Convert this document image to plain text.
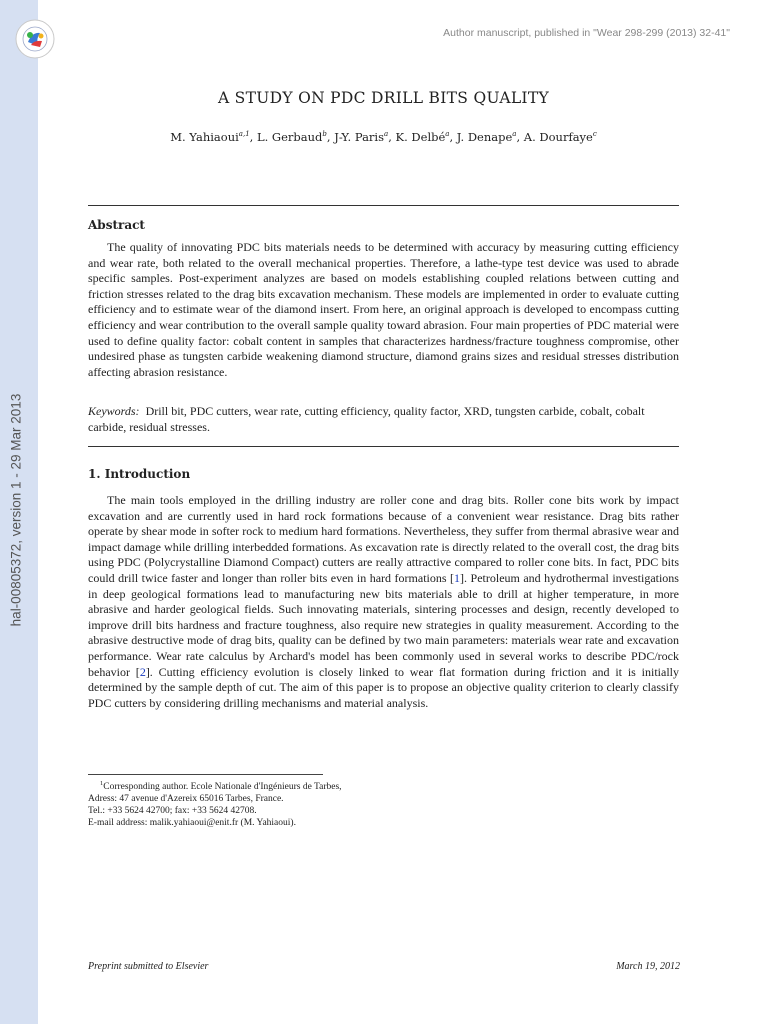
hal-00805372, version 1 - 29 Mar 2013
Author manuscript, published in "Wear 298-299 (2013) 32-41"
A STUDY ON PDC DRILL BITS QUALITY
M. Yahiaoui$^{a,1}$, L. Gerbaud$^b$, J-Y. Paris$^a$, K. Delbé$^a$, J. Denape$^a$, A. Dourfaye$^c$
Abstract

The quality of innovating PDC bits materials needs to be determined with accuracy by measuring cutting efficiency and wear rate, both related to the overall mechanical properties. Therefore, a lathe-type test device was used to abrade specific samples. Post-experiment analyzes are based on models establishing coupled relations between cutting and friction stresses related to the drag bits excavation mechanism. These models are implemented in order to evaluate cutting efficiency and to estimate wear of the diamond insert. From here, an original approach is developed to encompass cutting efficiency and wear contribution to the overall sample quality toward abrasion. Four main properties of PDC material were used to define quality factor: cobalt content in samples that characterizes hardness/fracture toughness compromise, other undesired phase as tungsten carbide weakening diamond structure, diamond grains sizes and residual stresses distribution affecting abrasion resistance.

Keywords: Drill bit, PDC cutters, wear rate, cutting efficiency, quality factor, XRD, tungsten carbide, cobalt, cobalt carbide, residual stresses.
1. Introduction

The main tools employed in the drilling industry are roller cone and drag bits. Roller cone bits work by impact excavation and are currently used in hard rock formations because of a convenient wear resistance. Drag bits rather operate by shear mode in softer rock to medium hard formations. Nevertheless, they suffer from thermal abrasive wear and impact damage while drilling interbedded formations. As excavation rate is directly related to the overall cost, the drag bits using PDC (Polycrystalline Diamond Compact) cutters are really attractive compared to roller cone bits. In fact, PDC bits could drill twice faster and longer than roller bits even in hard formations [1]. Petroleum and hydrothermal investigations in deep geological formations lead to manufacturing new bits materials able to drill at higher temperature, in more abrasive and harder geological fields. Such innovating materials, sintering processes and design, recently developed to improve drill bits hardness and fracture toughness, also require new strategies in quality measurement. According to the abrasive destructive mode of drag bits, quality can be defined by two main parameters: materials wear rate and excavation performance. Wear rate calculus by Archard's model has been commonly used in several works to describe PDC/rock behavior [2]. Cutting efficiency evolution is closely linked to wear flat formation during friction and it is initially determined by the sample depth of cut. The aim of this paper is to propose an objective quality criterion to clearly classify PDC cutters by considering drilling mechanisms and material analysis.

$^1$Corresponding author. Ecole Nationale d'Ingénieurs de Tarbes,
Adress: 47 avenue d'Azereix 65016 Tarbes, France.
Tel.: +33 5624 42700; fax: +33 5624 42708.
E-mail address: malik.yahiaoui@enit.fr (M. Yahiaoui).
Preprint submitted to Elsevier	March 19, 2012
